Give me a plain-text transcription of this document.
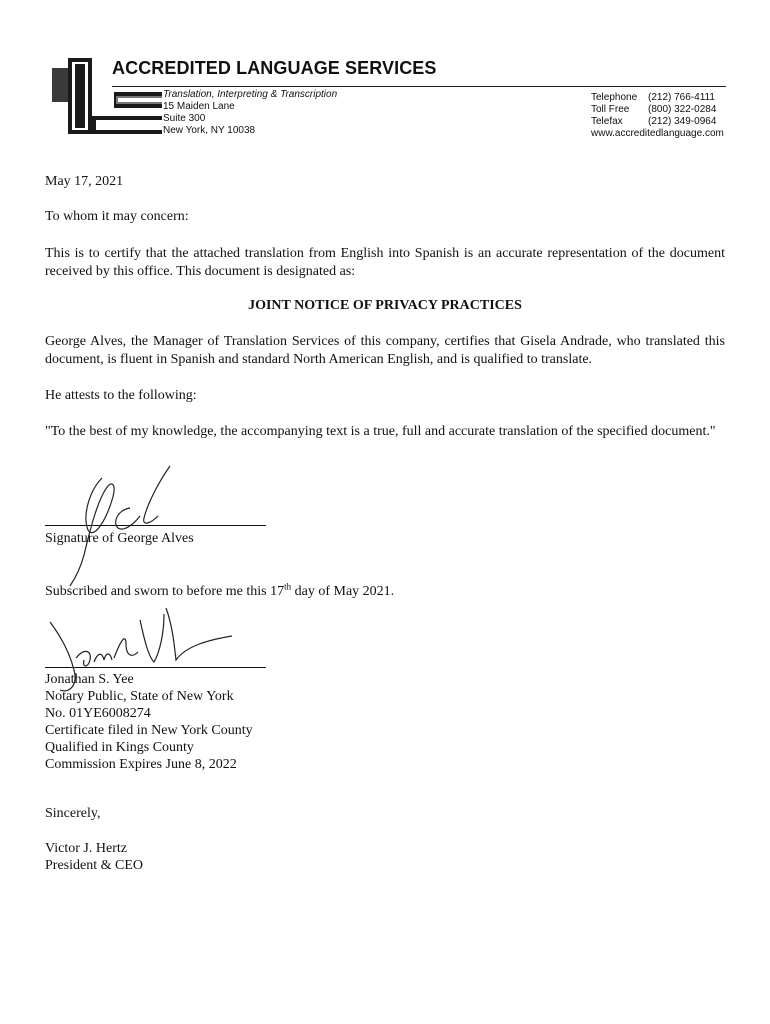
ACCREDITED LANGUAGE SERVICES
Translation, Interpreting & Transcription
15 Maiden Lane
Suite 300
New York, NY 10038
Telephone (212) 766-4111
Toll Free (800) 322-0284
Telefax	(212) 349-0964
www.accreditedlanguage.com
May 17, 2021
To whom it may concern:
This is to certify that the attached translation from English into Spanish is an accurate representation of the document received by this office. This document is designated as:
JOINT NOTICE OF PRIVACY PRACTICES
George Alves, the Manager of Translation Services of this company, certifies that Gisela Andrade, who translated this document, is fluent in Spanish and standard North American English, and is qualified to translate.
He attests to the following:
"To the best of my knowledge, the accompanying text is a true, full and accurate translation of the specified document."
Signature of George Alves
Subscribed and sworn to before me this 17th day of May 2021.
Jonathan S. Yee
Notary Public, State of New York
No. 01YE6008274
Certificate filed in New York County
Qualified in Kings County
Commission Expires June 8, 2022
Sincerely,
Victor J. Hertz
President & CEO
